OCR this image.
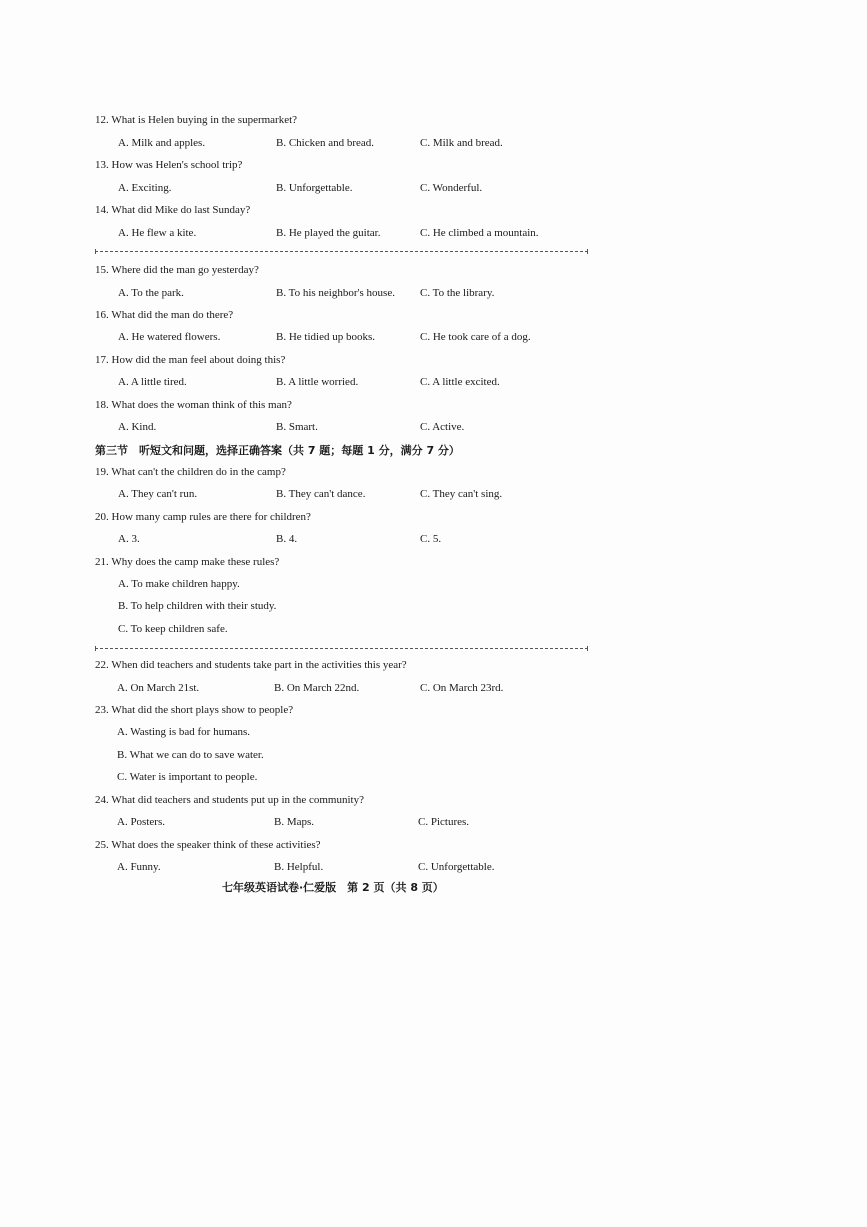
12. What is Helen buying in the supermarket?
A. Milk and apples.	B. Chicken and bread.	C. Milk and bread.
13. How was Helen's school trip?
A. Exciting.	B. Unforgettable.	C. Wonderful.
14. What did Mike do last Sunday?
A. He flew a kite.	B. He played the guitar.	C. He climbed a mountain.
15. Where did the man go yesterday?
A. To the park.	B. To his neighbor's house. C. To the library.
16. What did the man do there?
A. He watered flowers.	B. He tidied up books.	C. He took care of a dog.
17. How did the man feel about doing this?
A. A little tired.	B. A little worried.	C. A little excited.
18. What does the woman think of this man?
A. Kind.	B. Smart.	C. Active.
第三节　听短文和问题，选择正确答案（共 7 题；每题 1 分，满分 7 分）
19. What can't the children do in the camp?
A. They can't run.	B. They can't dance.	C. They can't sing.
20. How many camp rules are there for children?
A. 3.	B. 4.	C. 5.
21. Why does the camp make these rules?
A. To make children happy.
B. To help children with their study.
C. To keep children safe.
22. When did teachers and students take part in the activities this year?
A. On March 21st.	B. On March 22nd.	C. On March 23rd.
23. What did the short plays show to people?
A. Wasting is bad for humans.
B. What we can do to save water.
C. Water is important to people.
24. What did teachers and students put up in the community?
A. Posters.	B. Maps.	C. Pictures.
25. What does the speaker think of these activities?
A. Funny.	B. Helpful.	C. Unforgettable.
七年级英语试卷·仁爱版　第 2 页（共 8 页）
